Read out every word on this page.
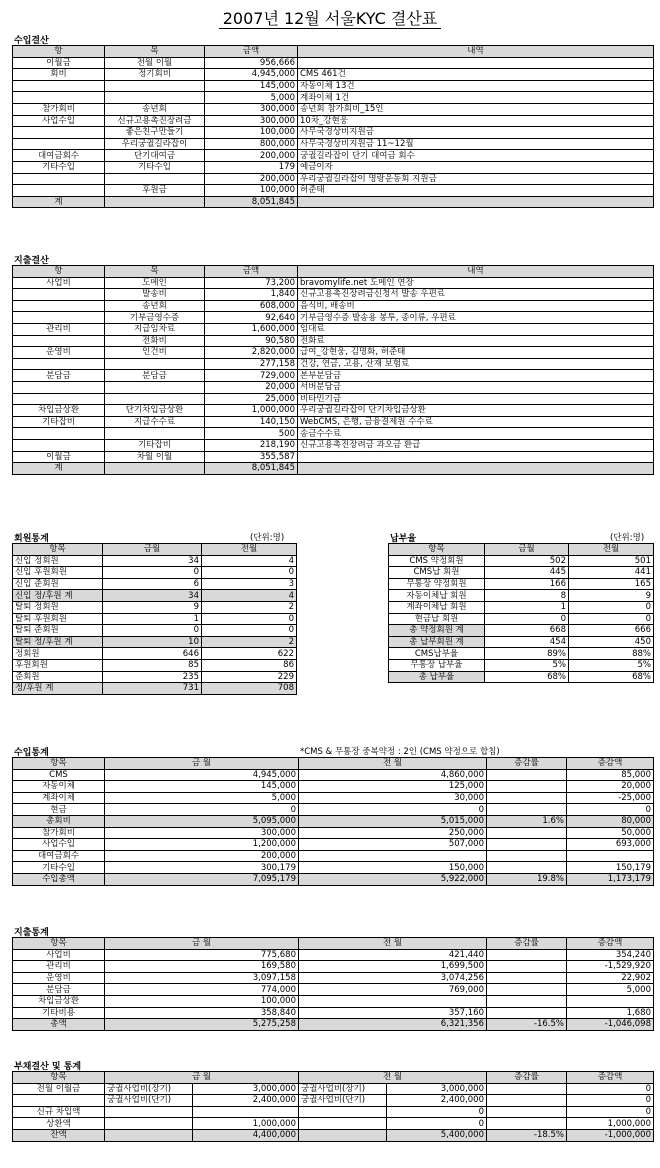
2007년 12월 서울KYC 결산표
수입결산
항	목	금액	내역
이월금	전월 이월	956,666	
회비	정기회비	4,945,000	CMS 461건
		145,000	자동이체 13건
		5,000	계좌이체 1건
참가회비	송년회	300,000	송년회 참가회비_15인
사업수입	신규고용촉진장려금	300,000	10차_강현웅
	좋은친구만들기	100,000	사무국경상비지원금
	우리궁궐길라잡이	800,000	사무국경상비지원금 11~12월
대여금회수	단기대여금	200,000	궁궐길라잡이 단기 대여금 회수
기타수입	기타수입	179	예금이자
		200,000	우리궁궐길라잡이 명랑운동회 지원금
	후원금	100,000	허준태
계		8,051,845	
지출결산
항	목	금액	내역
사업비	도메인	73,200	bravomylife.net 도메인 연장
	발송비	1,840	신규고용촉진장려금신청서 발송 우편료
	송년회	608,000	음식비, 배송비
	기부금영수증	92,640	기부금영수증 발송용 봉투, 종이류, 우편료
관리비	지급임차료	1,600,000	임대료
	전화비	90,580	전화료
운영비	인건비	2,820,000	급여_강현웅, 김명화, 허준태
		277,158	건강, 연금, 고용, 산재 보험료
분담금	분담금	729,000	본부분담금
		20,000	서버분담금
		25,000	비타민기금
차입금상환	단기차입금상환	1,000,000	우리궁궐길라잡이 단기차입금상환
기타잡비	지급수수료	140,150	WebCMS, 은행, 금융결제원 수수료
		500	송금수수료
	기타잡비	218,190	신규고용촉진장려금 과오금 환급
이월금	차월 이월	355,587	
계		8,051,845	
회원통계	(단위:명)
항목	금월	전월
신입 정회원	34	4
신입 후원회원	0	0
신입 준회원	6	3
신입 정/후원 계	34	4
탈퇴 정회원	9	2
탈퇴 후원회원	1	0
탈퇴 준회원	0	0
탈퇴 정/후원 계	10	2
정회원	646	622
후원회원	85	86
준회원	235	229
정/후원 계	731	708
납부율	(단위:명)
항목	금월	전월
CMS 약정회원	502	501
CMS납 회원	445	441
무통장 약정회원	166	165
자동이체납 회원	8	9
계좌이체납 회원	1	0
현금납 회원	0	0
총 약정회원 계	668	666
총 납부회원 계	454	450
CMS납부율	89%	88%
무통장 납부율	5%	5%
총 납부율	68%	68%
수입통계	*CMS & 무통장 중복약정 : 2인 (CMS 약정으로 합침)
항목	금 월	전 월	증감률	증감액
CMS	4,945,000	4,860,000		85,000
자동이체	145,000	125,000		20,000
계좌이체	5,000	30,000		-25,000
현금	0	0		0
총회비	5,095,000	5,015,000	1.6%	80,000
참가회비	300,000	250,000		50,000
사업수입	1,200,000	507,000		693,000
대여금회수	200,000			
기타수입	300,179	150,000		150,179
수입총액	7,095,179	5,922,000	19.8%	1,173,179
지출통계
항목	금 월	전 월	증감률	증감액
사업비	775,680	421,440		354,240
관리비	169,580	1,699,500		-1,529,920
운영비	3,097,158	3,074,256		22,902
분담금	774,000	769,000		5,000
차입금상환	100,000			
기타비용	358,840	357,160		1,680
총액	5,275,258	6,321,356	-16.5%	-1,046,098
부채결산 및 통계
항목	금 월		전 월		증감률	증감액
전월 이월금	궁궐사업비(장기)	3,000,000	궁궐사업비(장기)	3,000,000		0
	궁궐사업비(단기)	2,400,000	궁궐사업비(단기)	2,400,000		0
신규 차입액				0		0
상환액		1,000,000		0		1,000,000
잔액		4,400,000		5,400,000	-18.5%	-1,000,000
